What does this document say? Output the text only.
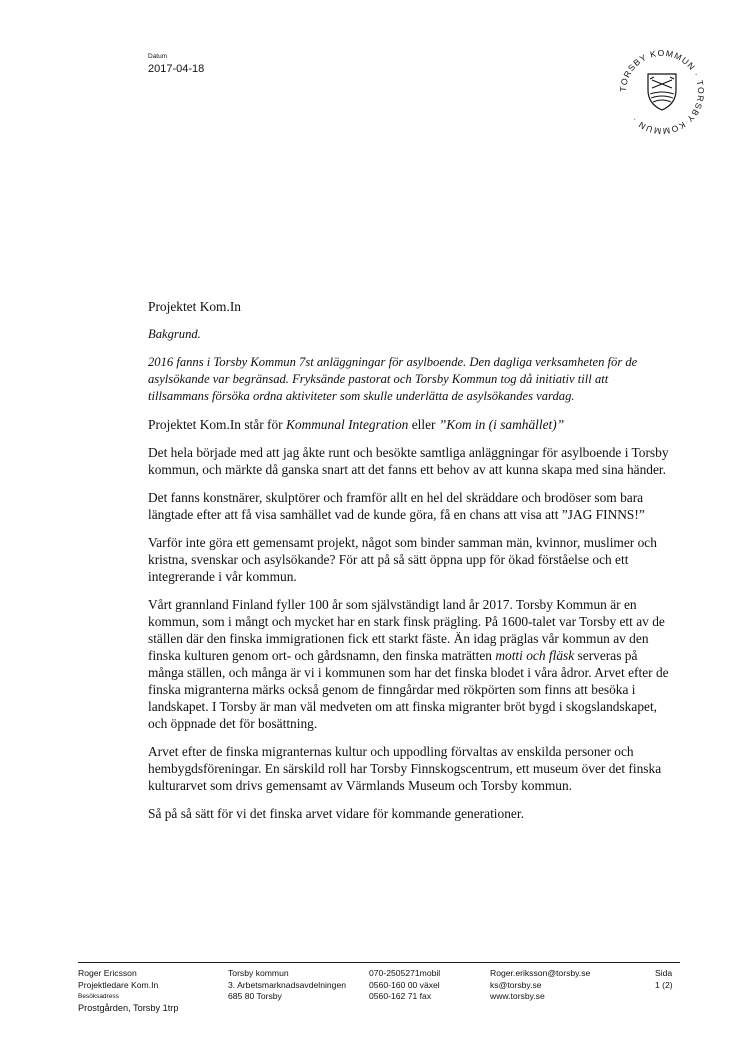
Datum
2017-04-18
TORSBY KOMMUN · TORSBY KOMMUN ·

Projektet Kom.In

Bakgrund.

2016 fanns i Torsby Kommun 7st anläggningar för asylboende. Den dagliga verksamheten för de asylsökande var begränsad. Fryksände pastorat och Torsby Kommun tog då initiativ till att tillsammans försöka ordna aktiviteter som skulle underlätta de asylsökandes vardag.

Projektet Kom.In står för Kommunal Integration eller ”Kom in (i samhället)”

Det hela började med att jag åkte runt och besökte samtliga anläggningar för asylboende i Torsby kommun, och märkte då ganska snart att det fanns ett behov av att kunna skapa med sina händer.

Det fanns konstnärer, skulptörer och framför allt en hel del skräddare och brodöser som bara längtade efter att få visa samhället vad de kunde göra, få en chans att visa att ”JAG FINNS!”

Varför inte göra ett gemensamt projekt, något som binder samman män, kvinnor, muslimer och kristna, svenskar och asylsökande? För att på så sätt öppna upp för ökad förståelse och ett integrerande i vår kommun.

Vårt grannland Finland fyller 100 år som självständigt land år 2017. Torsby Kommun är en kommun, som i mångt och mycket har en stark finsk prägling. På 1600-talet var Torsby ett av de ställen där den finska immigrationen fick ett starkt fäste. Än idag präglas vår kommun av den finska kulturen genom ort- och gårdsnamn, den finska maträtten motti och fläsk serveras på många ställen, och många är vi i kommunen som har det finska blodet i våra ådror. Arvet efter de finska migranterna märks också genom de finngårdar med rökpörten som finns att besöka i landskapet. I Torsby är man väl medveten om att finska migranter bröt bygd i skogslandskapet, och öppnade det för bosättning.

Arvet efter de finska migranternas kultur och uppodling förvaltas av enskilda personer och hembygdsföreningar. En särskild roll har Torsby Finnskogscentrum, ett museum över det finska kulturarvet som drivs gemensamt av Värmlands Museum och Torsby kommun.

Så på så sätt för vi det finska arvet vidare för kommande generationer.

Roger Ericsson
Projektledare Kom.In
Besöksadress
Prostgården, Torsby 1trp
Torsby kommun
3. Arbetsmarknadsavdelningen
685 80 Torsby
070-2505271mobil
0560-160 00 växel
0560-162 71 fax
Roger.eriksson@torsby.se
ks@torsby.se
www.torsby.se
Sida
1 (2)
